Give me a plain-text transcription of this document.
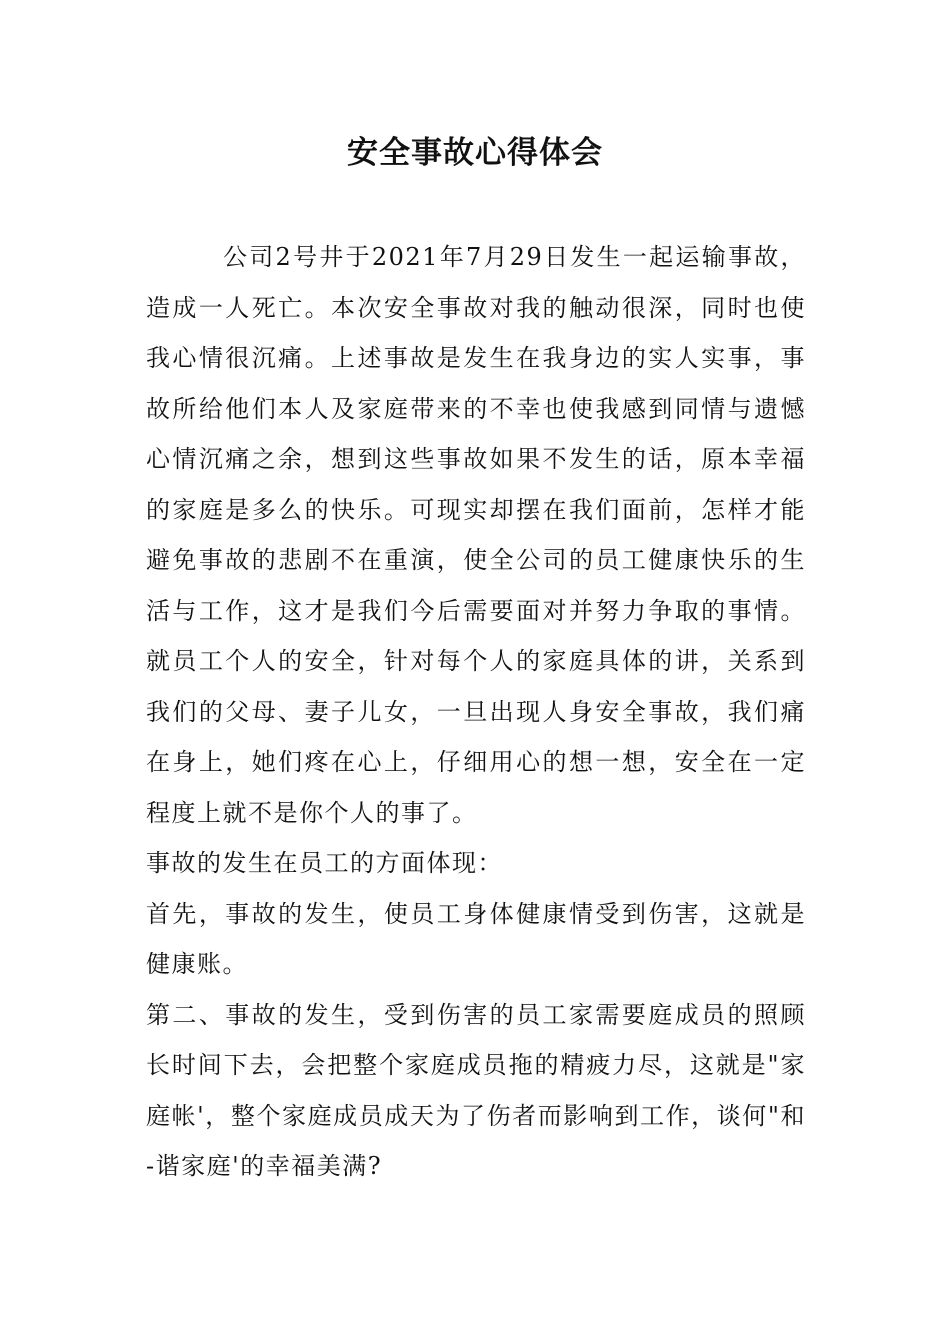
安全事故心得体会

公司2号井于2021年7月29日发生一起运输事故，造成一人死亡。本次安全事故对我的触动很深，同时也使我心情很沉痛。上述事故是发生在我身边的实人实事，事故所给他们本人及家庭带来的不幸也使我感到同情与遗憾心情沉痛之余，想到这些事故如果不发生的话，原本幸福的家庭是多么的快乐。可现实却摆在我们面前，怎样才能避免事故的悲剧不在重演，使全公司的员工健康快乐的生活与工作，这才是我们今后需要面对并努力争取的事情。就员工个人的安全，针对每个人的家庭具体的讲，关系到我们的父母、妻子儿女，一旦出现人身安全事故，我们痛在身上，她们疼在心上，仔细用心的想一想，安全在一定程度上就不是你个人的事了。

事故的发生在员工的方面体现：

首先，事故的发生，使员工身体健康情受到伤害，这就是健康账。

第二、事故的发生，受到伤害的员工家需要庭成员的照顾长时间下去，会把整个家庭成员拖的精疲力尽，这就是"家庭帐'，整个家庭成员成天为了伤者而影响到工作，谈何"和-谐家庭'的幸福美满?
